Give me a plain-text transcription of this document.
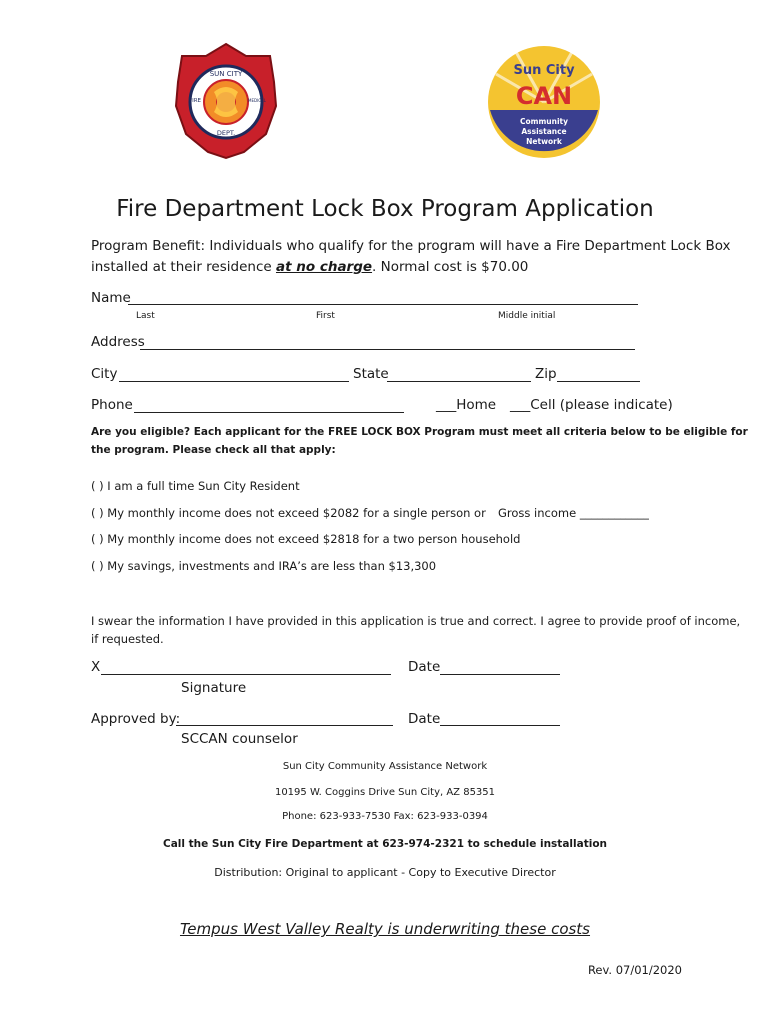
SUN CITY
DEPT.
FIRE	MEDICAL
Sun City
CAN
Community
Assistance
Network
Fire Department Lock Box Program Application
Program Benefit: Individuals who qualify for the program will have a Fire Department Lock Box
installed at their residence at no charge. Normal cost is $70.00
Name
Last	First	Middle initial
Address
City	State	Zip
Phone	___Home ___Cell (please indicate)
Are you eligible? Each applicant for the FREE LOCK BOX Program must meet all criteria below to be eligible for
the program. Please check all that apply:
( ) I am a full time Sun City Resident
( ) My monthly income does not exceed $2082 for a single person or Gross income ____________
( ) My monthly income does not exceed $2818 for a two person household
( ) My savings, investments and IRA’s are less than $13,300
I swear the information I have provided in this application is true and correct. I agree to provide proof of income,
if requested.
X	Date
Signature
Approved by:	Date
SCCAN counselor
Sun City Community Assistance Network
10195 W. Coggins Drive Sun City, AZ 85351
Phone: 623-933-7530 Fax: 623-933-0394
Call the Sun City Fire Department at 623-974-2321 to schedule installation
Distribution: Original to applicant - Copy to Executive Director
Tempus West Valley Realty is underwriting these costs
Rev. 07/01/2020
